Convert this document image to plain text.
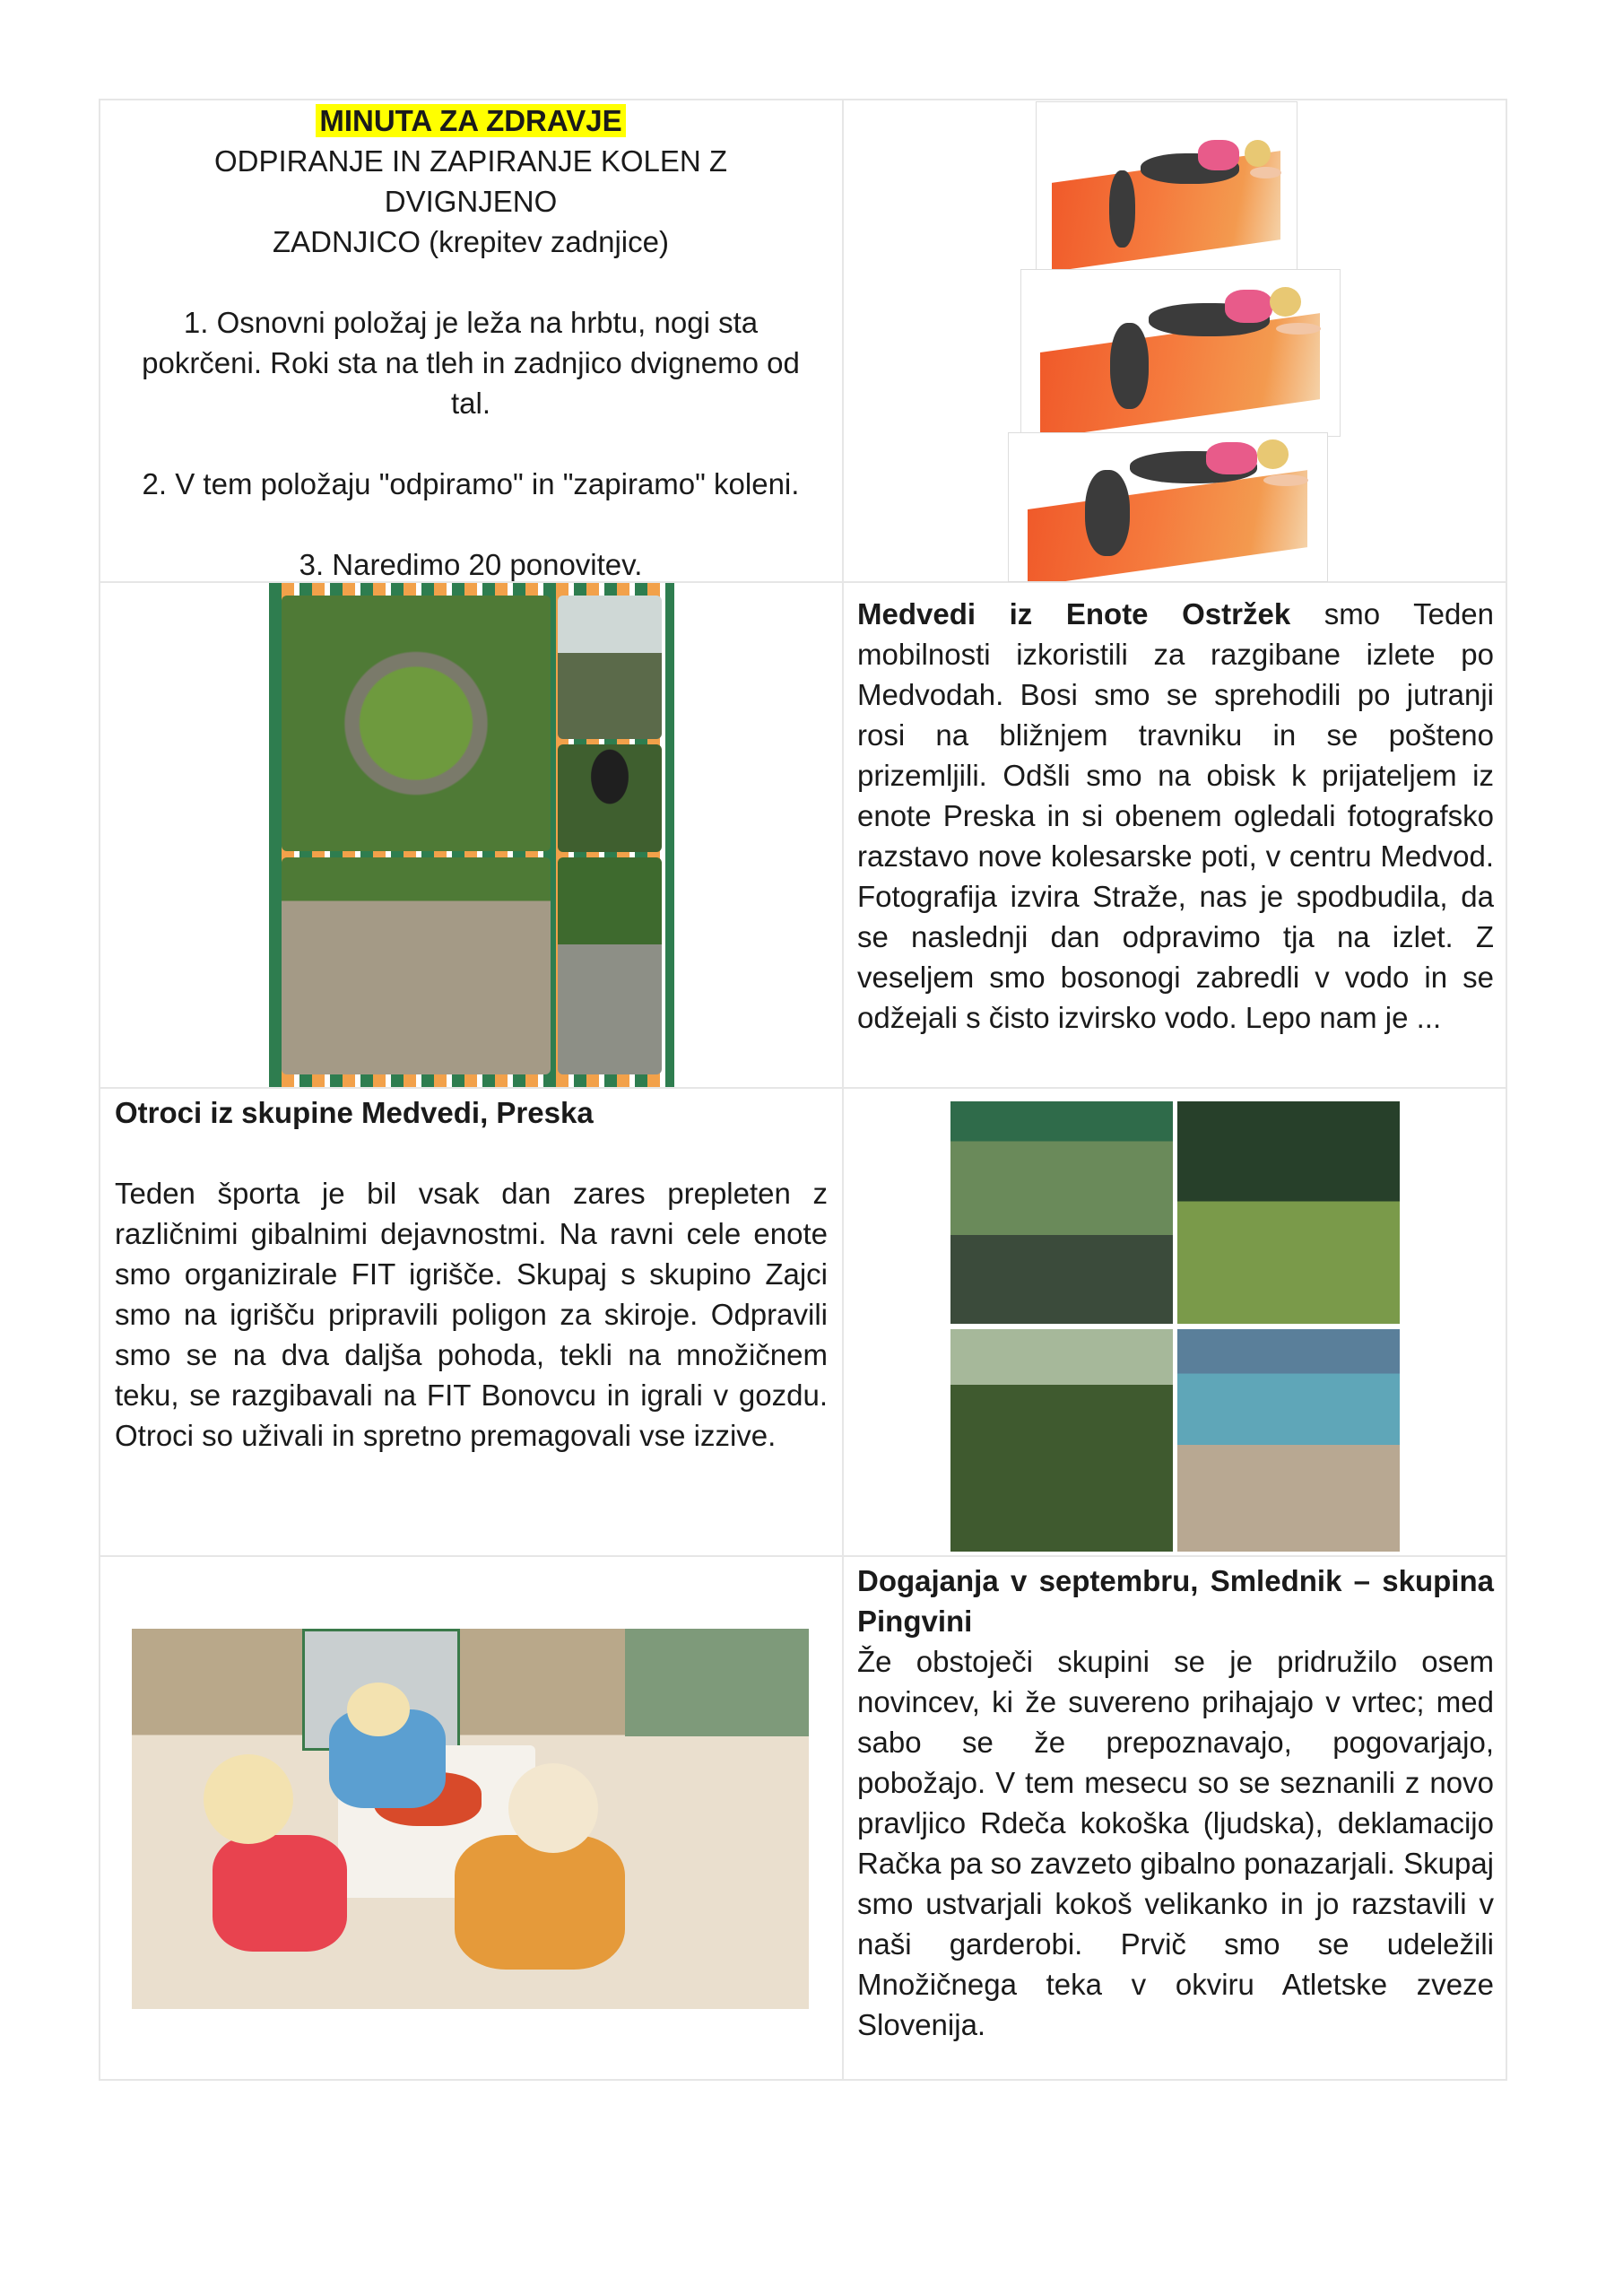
MINUTA ZA ZDRAVJE

ODPIRANJE IN ZAPIRANJE KOLEN Z DVIGNJENO

ZADNJICO (krepitev zadnjice)

1. Osnovni položaj je leža na hrbtu, nogi sta

pokrčeni. Roki sta na tleh in zadnjico dvignemo od

tal.

2. V tem položaju "odpiramo" in "zapiramo" koleni.

3. Naredimo 20 ponovitev.

Medvedi iz Enote Ostržek smo Teden mobilnosti izkoristili za razgibane izlete po Medvodah. Bosi smo se sprehodili po jutranji rosi na bližnjem travniku in se pošteno prizemljili. Odšli smo na obisk k prijateljem iz enote Preska in si obenem ogledali fotografsko razstavo nove kolesarske poti, v centru Medvod. Fotografija izvira Straže, nas je spodbudila, da se naslednji dan odpravimo tja na izlet. Z veseljem smo bosonogi zabredli v vodo in se odžejali s čisto izvirsko vodo. Lepo nam je ...
Otroci iz skupine Medvedi, Preska
Teden športa je bil vsak dan zares prepleten z različnimi gibalnimi dejavnostmi. Na ravni cele enote smo organizirale FIT igrišče. Skupaj s skupino Zajci smo na igrišču pripravili poligon za skiroje. Odpravili smo se na dva daljša pohoda, tekli na množičnem teku, se razgibavali na FIT Bonovcu in igrali v gozdu. Otroci so uživali in spretno premagovali vse izzive.
Dogajanja v septembru, Smlednik – skupina Pingvini
Že obstoječi skupini se je pridružilo osem novincev, ki že suvereno prihajajo v vrtec; med sabo se že prepoznavajo, pogovarjajo, pobožajo. V tem mesecu so se seznanili z novo pravljico Rdeča kokoška (ljudska), deklamacijo Račka pa so zavzeto gibalno ponazarjali. Skupaj smo ustvarjali kokoš velikanko in jo razstavili v naši garderobi. Prvič smo se udeležili Množičnega teka v okviru Atletske zveze Slovenija.
